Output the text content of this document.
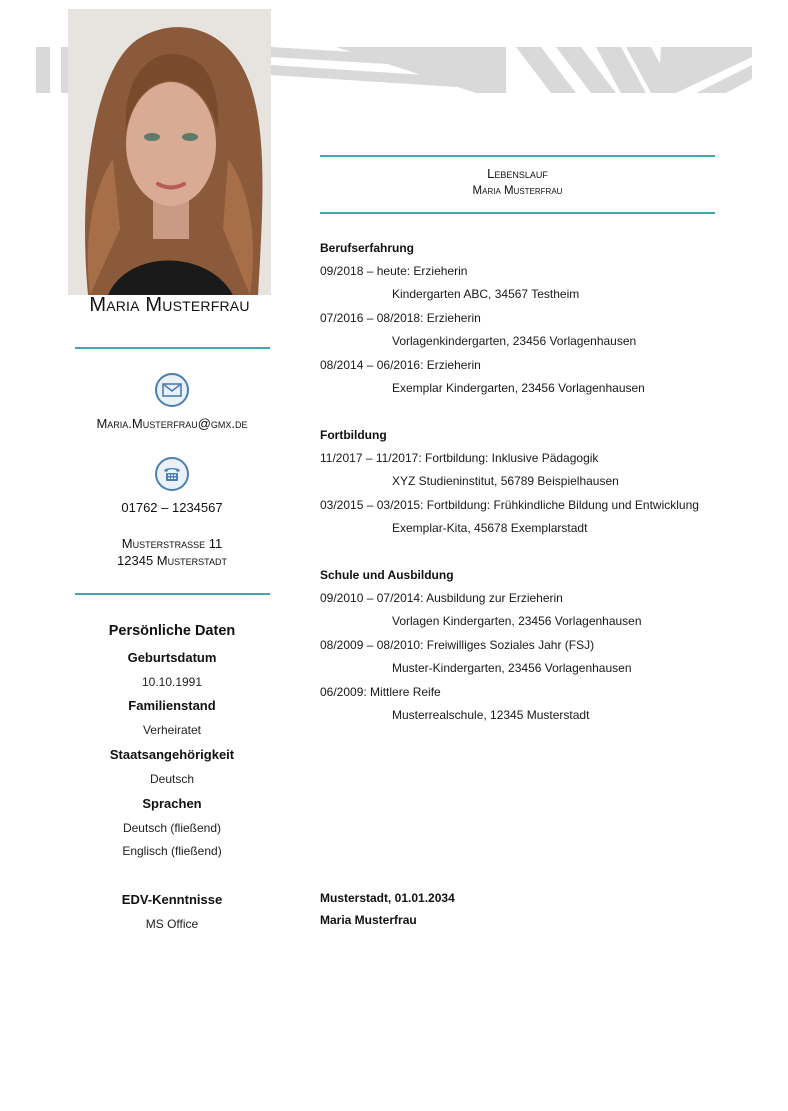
Maria Musterfrau
Maria.Musterfrau@gmx.de
01762 – 1234567
Musterstrasse 11
12345 Musterstadt
Persönliche Daten
Geburtsdatum
10.10.1991
Familienstand
Verheiratet
Staatsangehörigkeit
Deutsch
Sprachen
Deutsch (fließend)
Englisch (fließend)
EDV-Kenntnisse
MS Office
Lebenslauf
Maria Musterfrau
Berufserfahrung
09/2018 – heute: Erzieherin
Kindergarten ABC, 34567 Testheim
07/2016 – 08/2018: Erzieherin
Vorlagenkindergarten, 23456 Vorlagenhausen
08/2014 – 06/2016: Erzieherin
Exemplar Kindergarten, 23456 Vorlagenhausen
Fortbildung
11/2017 – 11/2017: Fortbildung: Inklusive Pädagogik
XYZ Studieninstitut, 56789 Beispielhausen
03/2015 – 03/2015: Fortbildung: Frühkindliche Bildung und Entwicklung
Exemplar-Kita, 45678 Exemplarstadt
Schule und Ausbildung
09/2010 – 07/2014: Ausbildung zur Erzieherin
Vorlagen Kindergarten, 23456 Vorlagenhausen
08/2009 – 08/2010: Freiwilliges Soziales Jahr (FSJ)
Muster-Kindergarten, 23456 Vorlagenhausen
06/2009: Mittlere Reife
Musterrealschule, 12345 Musterstadt
Musterstadt, 01.01.2034
Maria Musterfrau
